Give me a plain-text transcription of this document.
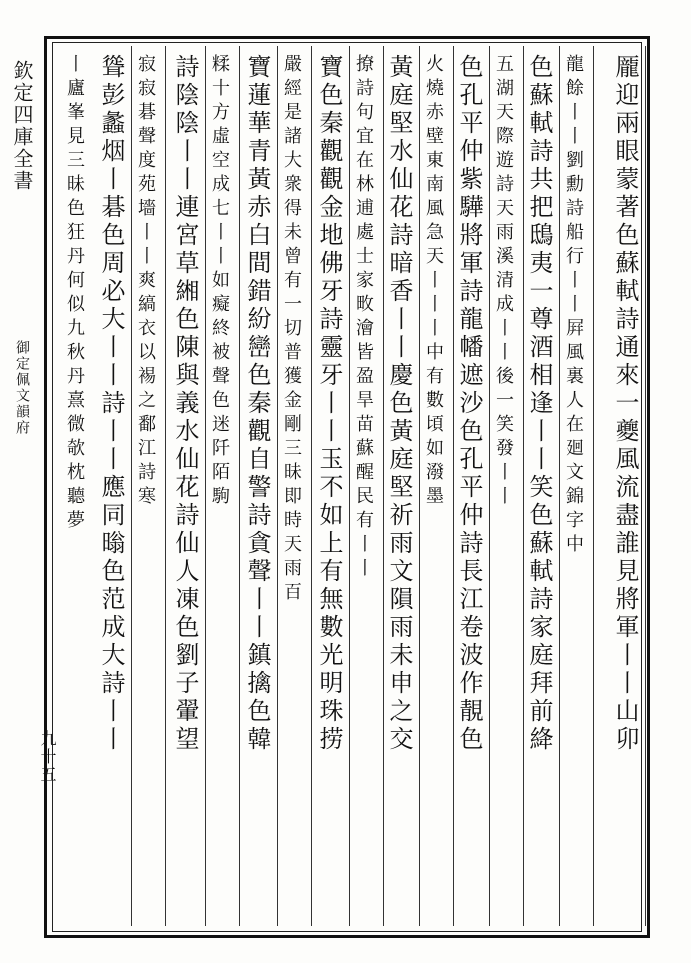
欽定四庫全書
御定佩文韻府
九十五
龎迎兩眼蒙著色蘇軾詩通來一夔風流盡誰見將軍丨丨山卯
龍餘丨丨劉勳詩船行丨丨屛風裏人在廻文錦字中
色蘇軾詩共把鴟夷一尊酒相逢丨丨笑色蘇軾詩家庭拜前絳
五湖天際遊詩天雨溪清成丨丨後一笑發丨丨
色孔平仲紫驊將軍詩龍幡遮沙色孔平仲詩長江卷波作靚色
火燒赤壁東南風急天丨丨丨中有數頃如潑墨
黃庭堅水仙花詩暗香丨丨慶色黃庭堅祈雨文隕雨未申之交
撩詩句宜在林逋處士家畋澮皆盈旱苗蘇醒民有丨丨
寶色秦觀觀金地佛牙詩靈牙丨丨玉不如上有無數光明珠捞
嚴經是諸大衆得未曾有一切普獲金剛三昧即時天雨百
寶蓮華青黃赤白間錯紛巒色秦觀自警詩貪聲丨丨鎮擒色韓
糅十方虛空成七丨丨如癡終被聲色迷阡陌駒
詩陰陰丨丨連宮草緗色陳與義水仙花詩仙人凍色劉子翬望
寂寂碁聲度苑墻丨丨爽縞衣以裼之鄱江詩寒
聳彭蠡烟丨碁色周必大丨丨詩丨丨應同暡色范成大詩丨丨
丨廬峯見三昧色狂丹何似九秋丹熹微欹枕聽夢
